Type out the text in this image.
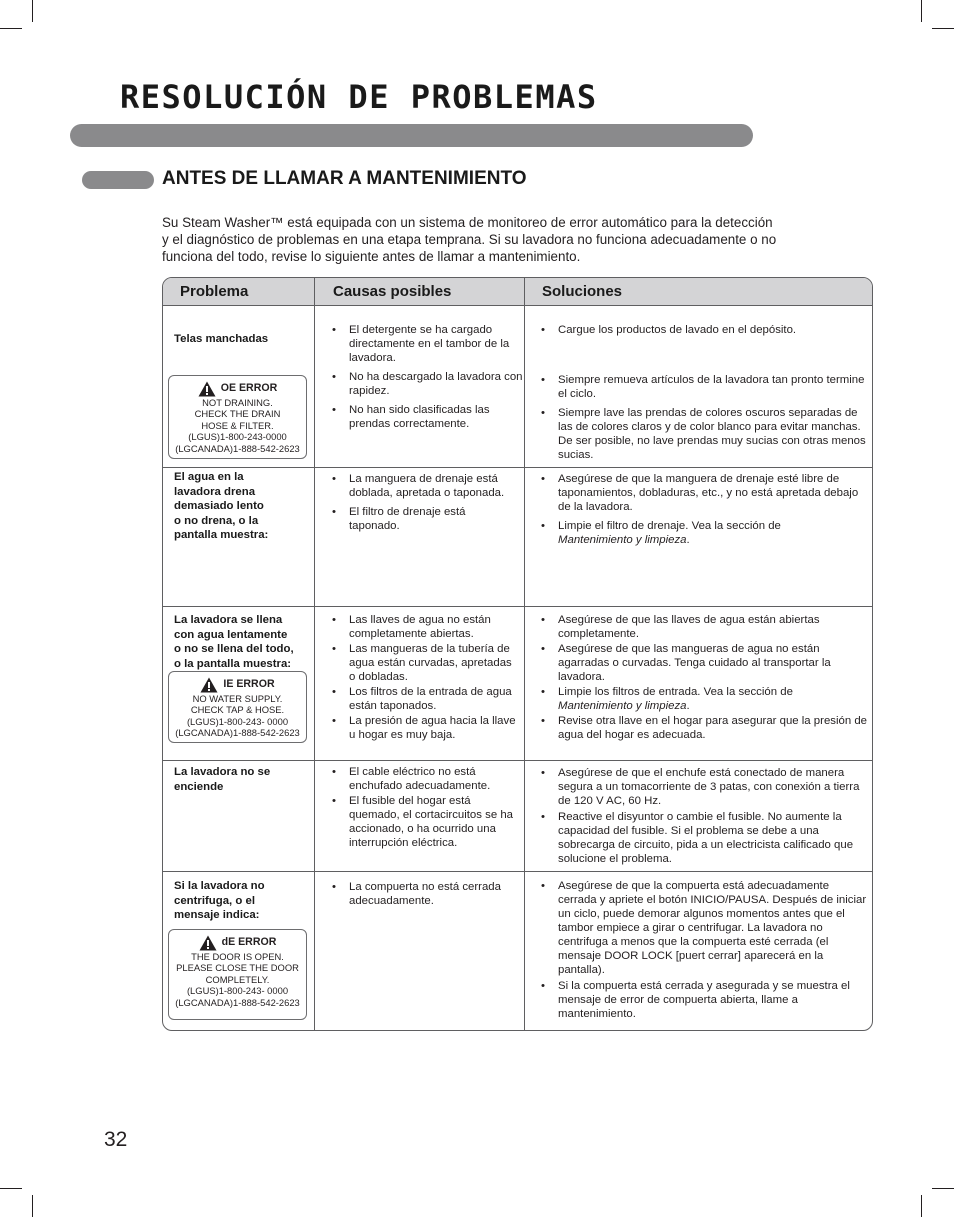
RESOLUCIÓN DE PROBLEMAS
ANTES DE LLAMAR A MANTENIMIENTO
Su Steam Washer™ está equipada con un sistema de monitoreo de error automático para la detección
y el diagnóstico de problemas en una etapa temprana. Si su lavadora no funciona adecuadamente o no
funciona del todo, revise lo siguiente antes de llamar a mantenimiento.
Problema	Causas posibles	Soluciones
Telas manchadas
OE ERROR
NOT DRAINING.
CHECK THE DRAIN
HOSE & FILTER.
(LGUS)1-800-243-0000
(LGCANADA)1-888-542-2623
• El detergente se ha cargado directamente en el tambor de la lavadora.
• No ha descargado la lavadora con rapidez.
• No han sido clasificadas las prendas correctamente.
• Cargue los productos de lavado en el depósito.
• Siempre remueva artículos de la lavadora tan pronto termine el ciclo.
• Siempre lave las prendas de colores oscuros separadas de las de colores claros y de color blanco para evitar manchas. De ser posible, no lave prendas muy sucias con otras menos sucias.
El agua en la
lavadora drena
demasiado lento
o no drena, o la
pantalla muestra:
• La manguera de drenaje está doblada, apretada o taponada.
• El filtro de drenaje está taponado.
• Asegúrese de que la manguera de drenaje esté libre de taponamientos, dobladuras, etc., y no está apretada debajo de la lavadora.
• Limpie el filtro de drenaje. Vea la sección de
Mantenimiento y limpieza.
La lavadora se llena
con agua lentamente
o no se llena del todo,
o la pantalla muestra:
IE ERROR
NO WATER SUPPLY.
CHECK TAP & HOSE.
(LGUS)1-800-243- 0000
(LGCANADA)1-888-542-2623
• Las llaves de agua no están completamente abiertas.
• Las mangueras de la tubería de agua están curvadas, apretadas o dobladas.
• Los filtros de la entrada de agua están taponados.
• La presión de agua hacia la llave u hogar es muy baja.
• Asegúrese de que las llaves de agua están abiertas completamente.
• Asegúrese de que las mangueras de agua no están agarradas o curvadas. Tenga cuidado al transportar la lavadora.
• Limpie los filtros de entrada. Vea la sección de
Mantenimiento y limpieza.
• Revise otra llave en el hogar para asegurar que la presión de agua del hogar es adecuada.
La lavadora no se
enciende
• El cable eléctrico no está enchufado adecuadamente.
• El fusible del hogar está quemado, el cortacircuitos se ha accionado, o ha ocurrido una interrupción eléctrica.
• Asegúrese de que el enchufe está conectado de manera segura a un tomacorriente de 3 patas, con conexión a tierra de 120 V AC, 60 Hz.
• Reactive el disyuntor o cambie el fusible. No aumente la capacidad del fusible. Si el problema se debe a una sobrecarga de circuito, pida a un electricista calificado que solucione el problema.
Si la lavadora no
centrifuga, o el
mensaje indica:
dE ERROR
THE DOOR IS OPEN.
PLEASE CLOSE THE DOOR
COMPLETELY.
(LGUS)1-800-243- 0000
(LGCANADA)1-888-542-2623
• La compuerta no está cerrada adecuadamente.
• Asegúrese de que la compuerta está adecuadamente cerrada y apriete el botón INICIO/PAUSA. Después de iniciar un ciclo, puede demorar algunos momentos antes que el tambor empiece a girar o centrifugar. La lavadora no centrifuga a menos que la compuerta esté cerrada (el mensaje DOOR LOCK [puert cerrar] aparecerá en la pantalla).
• Si la compuerta está cerrada y asegurada y se muestra el mensaje de error de compuerta abierta, llame a mantenimiento.
32
